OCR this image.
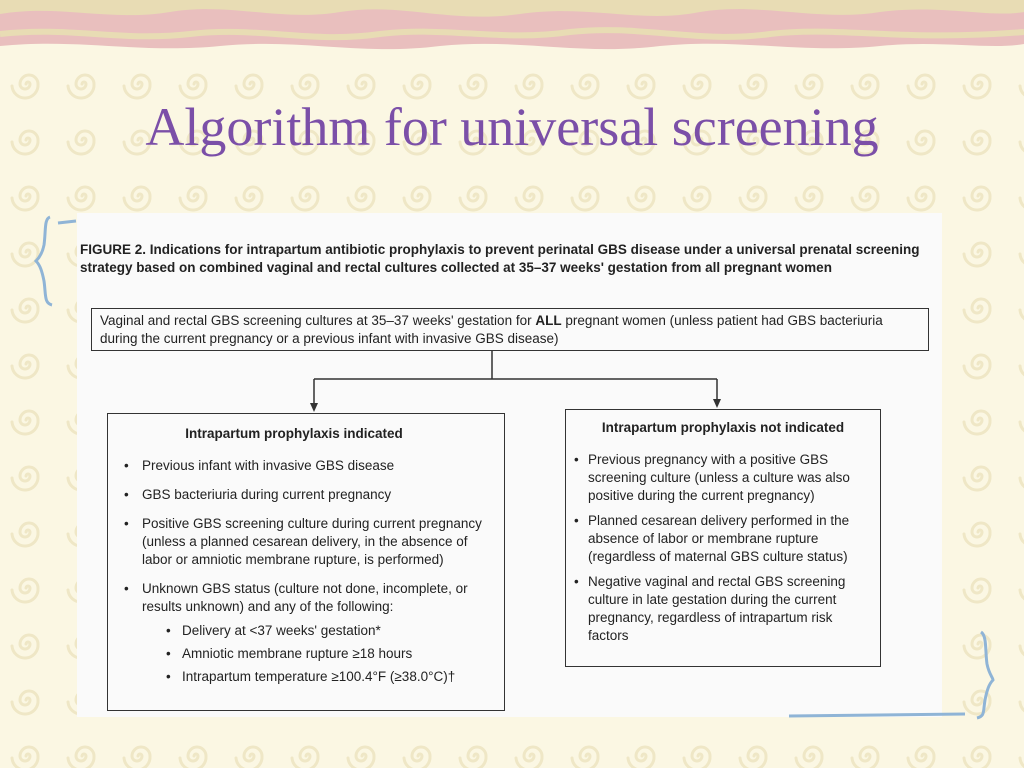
Algorithm for universal screening
FIGURE 2. Indications for intrapartum antibiotic prophylaxis to prevent perinatal GBS disease under a universal prenatal screening strategy based on combined vaginal and rectal cultures collected at 35–37 weeks' gestation from all pregnant women
Vaginal and rectal GBS screening cultures at 35–37 weeks' gestation for ALL pregnant women (unless patient had GBS bacteriuria during the current pregnancy or a previous infant with invasive GBS disease)
Intrapartum prophylaxis indicated
• Previous infant with invasive GBS disease
• GBS bacteriuria during current pregnancy
• Positive GBS screening culture during current pregnancy (unless a planned cesarean delivery, in the absence of labor or amniotic membrane rupture, is performed)
• Unknown GBS status (culture not done, incomplete, or results unknown) and any of the following:
• Delivery at <37 weeks' gestation*
• Amniotic membrane rupture ≥18 hours
• Intrapartum temperature ≥100.4°F (≥38.0°C)†
Intrapartum prophylaxis not indicated
• Previous pregnancy with a positive GBS screening culture (unless a culture was also positive during the current pregnancy)
• Planned cesarean delivery performed in the absence of labor or membrane rupture (regardless of maternal GBS culture status)
• Negative vaginal and rectal GBS screening culture in late gestation during the current pregnancy, regardless of intrapartum risk factors
